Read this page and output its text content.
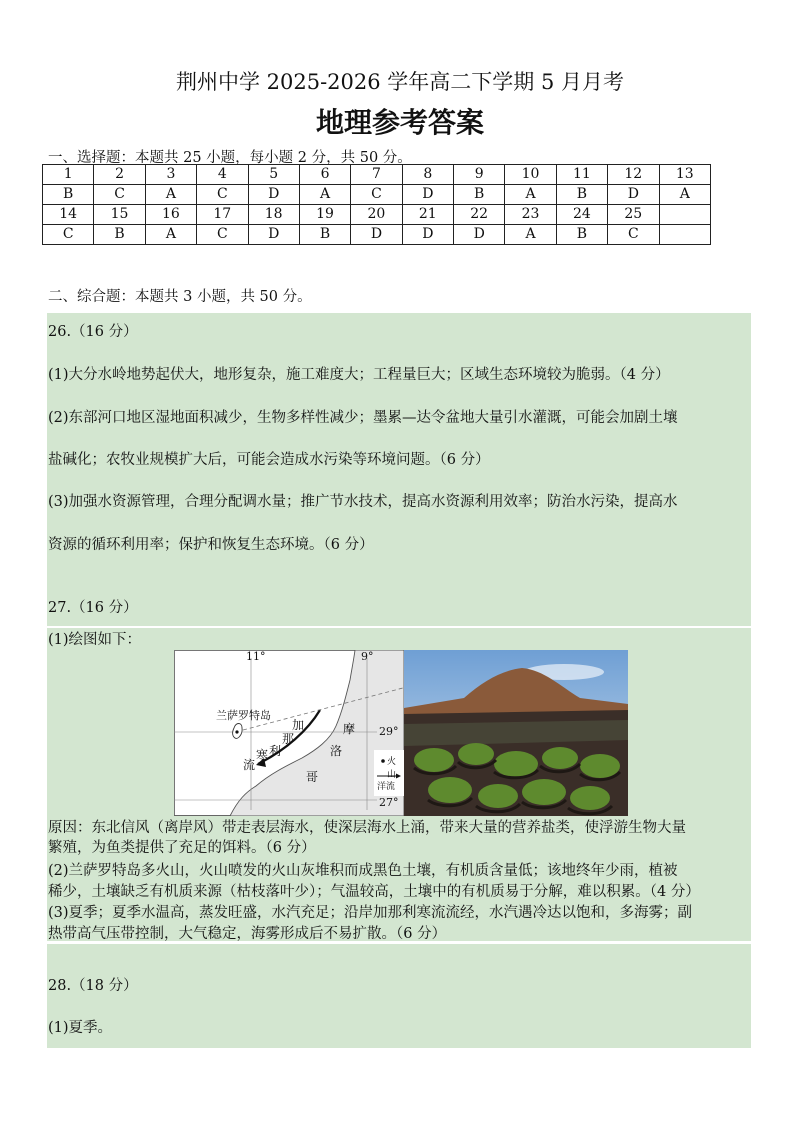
荆州中学 2025-2026 学年高二下学期 5 月月考
地理参考答案
一、选择题：本题共 25 小题，每小题 2 分，共 50 分。
1	2	3	4	5	6	7	8	9	10	11	12	13
B	C	A	C	D	A	C	D	B	A	B	D	A
14	15	16	17	18	19	20	21	22	23	24	25	
C	B	A	C	D	B	D	D	D	A	B	C	
二、综合题：本题共 3 小题，共 50 分。
26.（16 分）
(1)大分水岭地势起伏大，地形复杂，施工难度大；工程量巨大；区域生态环境较为脆弱。（4 分）
(2)东部河口地区湿地面积减少，生物多样性减少；墨累—达令盆地大量引水灌溉，可能会加剧土壤
盐碱化；农牧业规模扩大后，可能会造成水污染等环境问题。（6 分）
(3)加强水资源管理，合理分配调水量；推广节水技术，提高水资源利用效率；防治水污染，提高水
资源的循环利用率；保护和恢复生态环境。（6 分）
27.（16 分）
(1)绘图如下：
11°	9°
29°
27°
兰萨罗特岛
加
那
利
寒
流
摩
洛
哥
火山
洋流
原因：东北信风（离岸风）带走表层海水，使深层海水上涌，带来大量的营养盐类，使浮游生物大量
繁殖，为鱼类提供了充足的饵料。（6 分）
(2)兰萨罗特岛多火山，火山喷发的火山灰堆积而成黑色土壤，有机质含量低；该地终年少雨，植被
稀少，土壤缺乏有机质来源（枯枝落叶少）；气温较高，土壤中的有机质易于分解，难以积累。（4 分）
(3)夏季；夏季水温高，蒸发旺盛，水汽充足；沿岸加那利寒流流经，水汽遇冷达以饱和，多海雾；副
热带高气压带控制，大气稳定，海雾形成后不易扩散。（6 分）
28.（18 分）
(1)夏季。
